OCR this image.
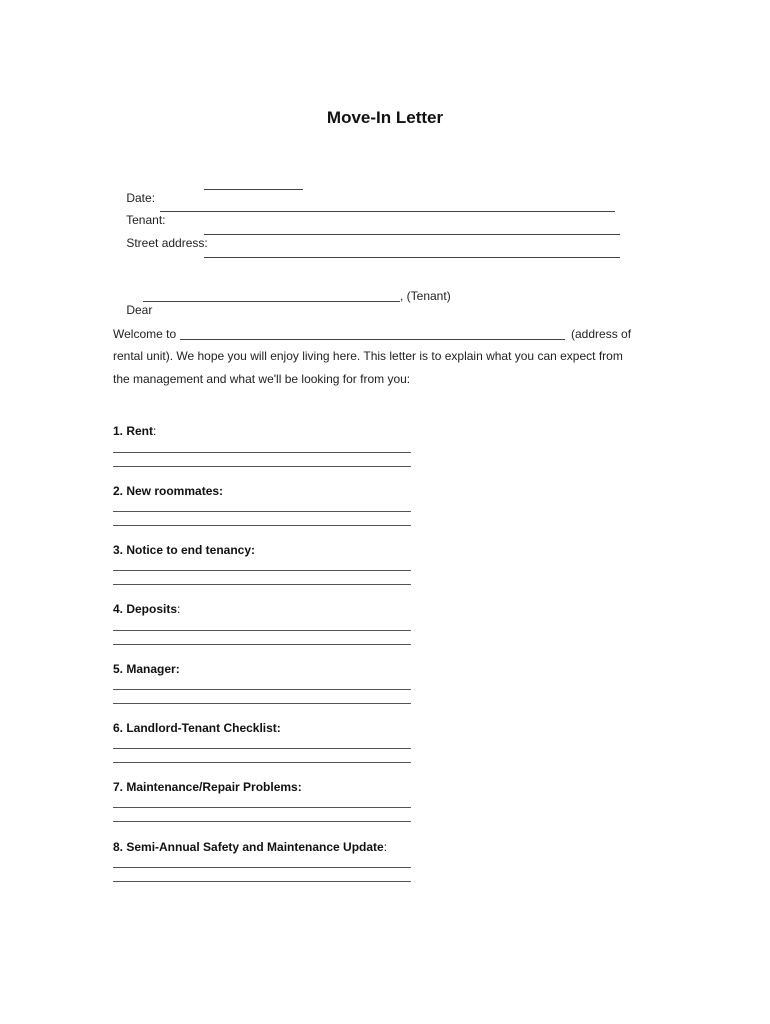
Move-In Letter

Date:

Tenant:

Street address:

Dear

, (Tenant)
Welcome to	(address of
rental unit). We hope you will enjoy living here. This letter is to explain what you can expect from
the management and what we'll be looking for from you:
1. Rent:
2. New roommates:
3. Notice to end tenancy:
4. Deposits:
5. Manager:
6. Landlord-Tenant Checklist:
7. Maintenance/Repair Problems:
8. Semi-Annual Safety and Maintenance Update:
